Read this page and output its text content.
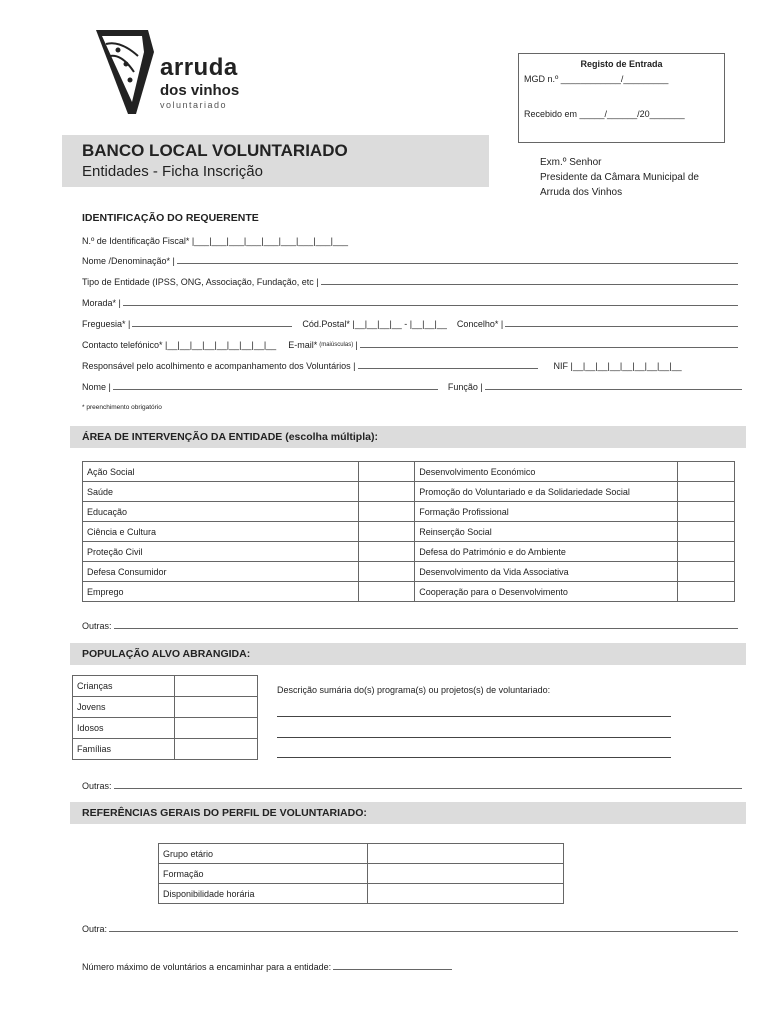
arruda
dos vinhos
voluntariado
Registo de Entrada
MGD n.º ____________/_________
Recebido em _____/______/20_______
BANCO LOCAL VOLUNTARIADO
Entidades - Ficha Inscrição
Exm.º Senhor
Presidente da Câmara Municipal de
Arruda dos Vinhos
IDENTIFICAÇÃO DO REQUERENTE
N.º de Identificação Fiscal* |___|___|___|___|___|___|___|___|___
Nome /Denominação* |
Tipo de Entidade (IPSS, ONG, Associação, Fundação, etc |
Morada* |
Freguesia* |	Cód.Postal* |__|__|__|__ - |__|__|__ Concelho* |
Contacto telefónico* |__|__|__|__|__|__|__|__|__ E-mail* (maiúsculas) |
Responsável pelo acolhimento e acompanhamento dos Voluntários |	NIF |__|__|__|__|__|__|__|__|__
Nome |	Função |
* preenchimento obrigatório
ÁREA DE INTERVENÇÃO DA ENTIDADE (escolha múltipla):
Ação Social		Desenvolvimento Económico	
Saúde		Promoção do Voluntariado e da Solidariedade Social	
Educação		Formação Profissional	
Ciência e Cultura		Reinserção Social	
Proteção Civil		Defesa do Património e do Ambiente	
Defesa Consumidor		Desenvolvimento da Vida Associativa	
Emprego		Cooperação para o Desenvolvimento	
Outras:
POPULAÇÃO ALVO ABRANGIDA:
Crianças	
Jovens	
Idosos	
Famílias	
Descrição sumária do(s) programa(s) ou projetos(s) de voluntariado:
Outras:
REFERÊNCIAS GERAIS DO PERFIL DE VOLUNTARIADO:
Grupo etário	
Formação	
Disponibilidade horária	
Outra:
Número máximo de voluntários a encaminhar para a entidade:
